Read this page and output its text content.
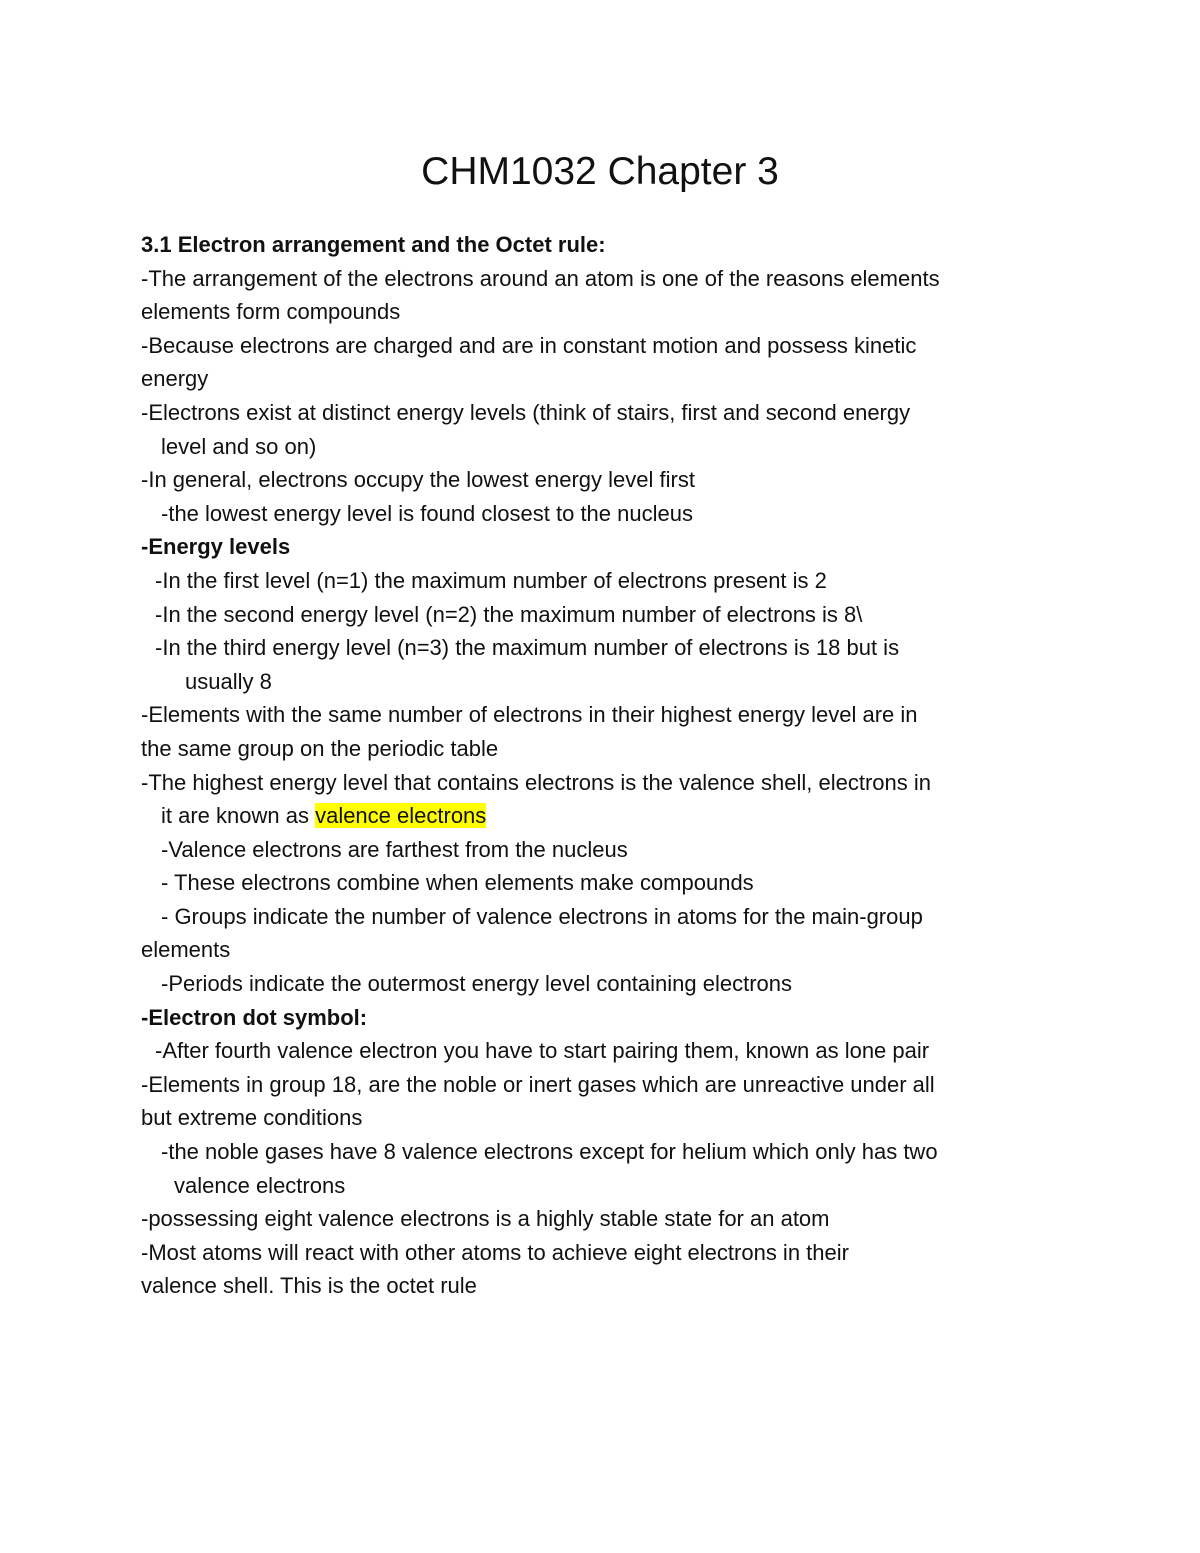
CHM1032 Chapter 3

3.1 Electron arrangement and the Octet rule:

-The arrangement of the electrons around an atom is one of the reasons elements

elements form compounds

-Because electrons are charged and are in constant motion and possess kinetic

energy

-Electrons exist at distinct energy levels (think of stairs, first and second energy

level and so on)

-In general, electrons occupy the lowest energy level first

-the lowest energy level is found closest to the nucleus

-Energy levels

-In the first level (n=1) the maximum number of electrons present is 2

-In the second energy level (n=2) the maximum number of electrons is 8\

-In the third energy level (n=3) the maximum number of electrons is 18 but is

usually 8

-Elements with the same number of electrons in their highest energy level are in

the same group on the periodic table

-The highest energy level that contains electrons is the valence shell, electrons in

it are known as valence electrons

-Valence electrons are farthest from the nucleus

- These electrons combine when elements make compounds

- Groups indicate the number of valence electrons in atoms for the main-group

elements

-Periods indicate the outermost energy level containing electrons

-Electron dot symbol:

-After fourth valence electron you have to start pairing them, known as lone pair

-Elements in group 18, are the noble or inert gases which are unreactive under all

but extreme conditions

-the noble gases have 8 valence electrons except for helium which only has two

valence electrons

-possessing eight valence electrons is a highly stable state for an atom

-Most atoms will react with other atoms to achieve eight electrons in their

valence shell. This is the octet rule
